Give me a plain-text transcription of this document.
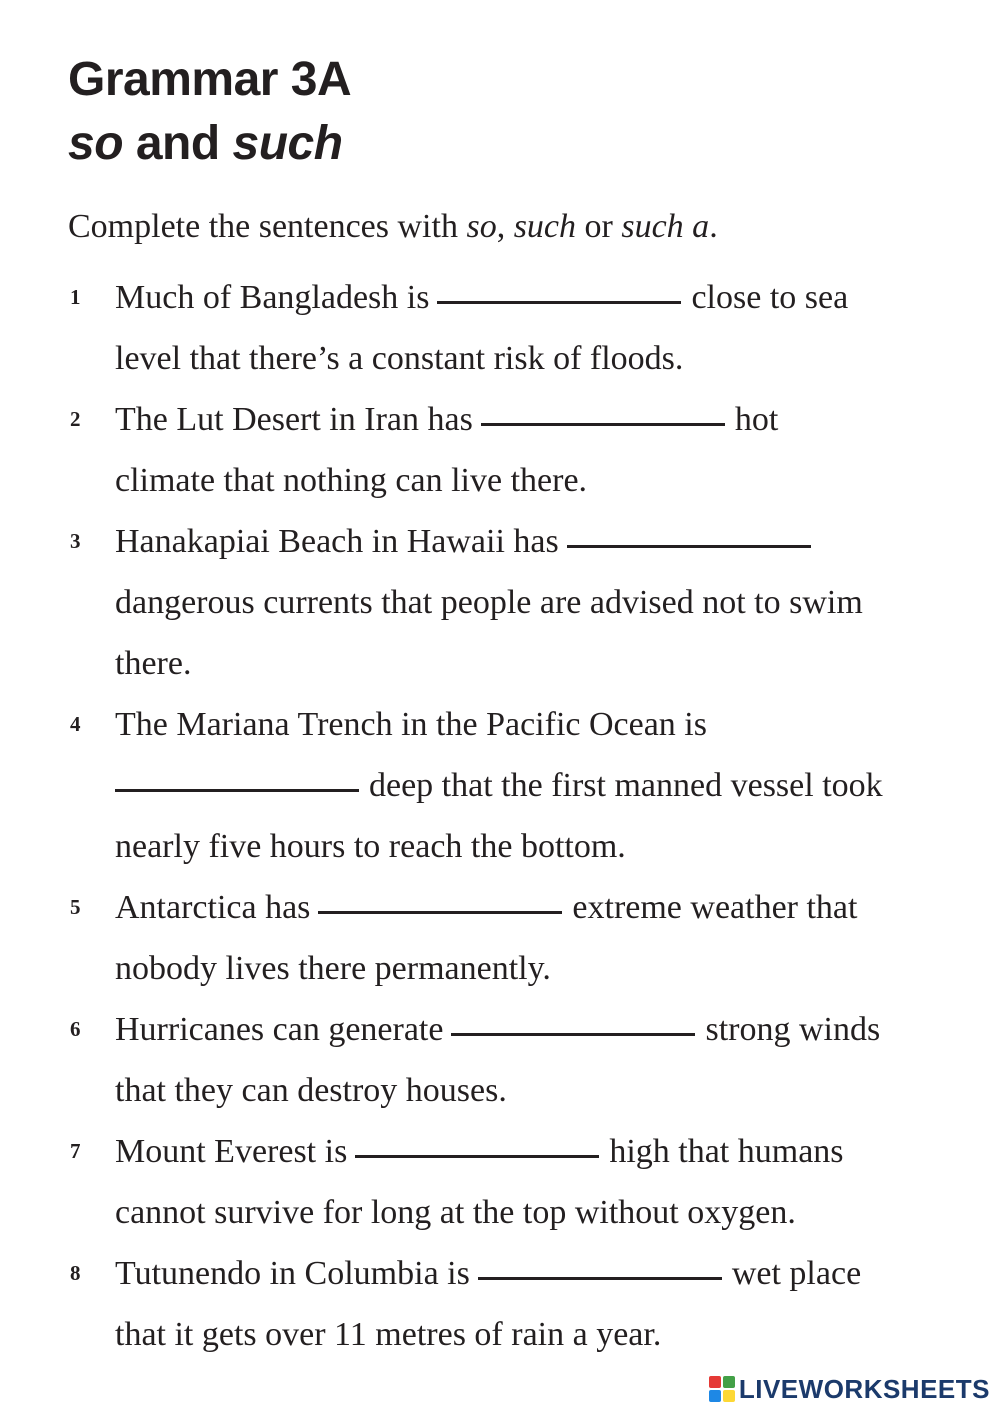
Grammar 3A
so and such

Complete the sentences with so, such or such a.

1 Much of Bangladesh is	close to sea
level that there’s a constant risk of floods.
2 The Lut Desert in Iran has	hot
climate that nothing can live there.
3 Hanakapiai Beach in Hawaii has
dangerous currents that people are advised not to swim
there.
4 The Mariana Trench in the Pacific Ocean is
deep that the first manned vessel took
nearly five hours to reach the bottom.
5 Antarctica has	extreme weather that
nobody lives there permanently.
6 Hurricanes can generate	strong winds
that they can destroy houses.
7 Mount Everest is	high that humans
cannot survive for long at the top without oxygen.
8 Tutunendo in Columbia is	wet place
that it gets over 11 metres of rain a year.
LIVEWORKSHEETS
